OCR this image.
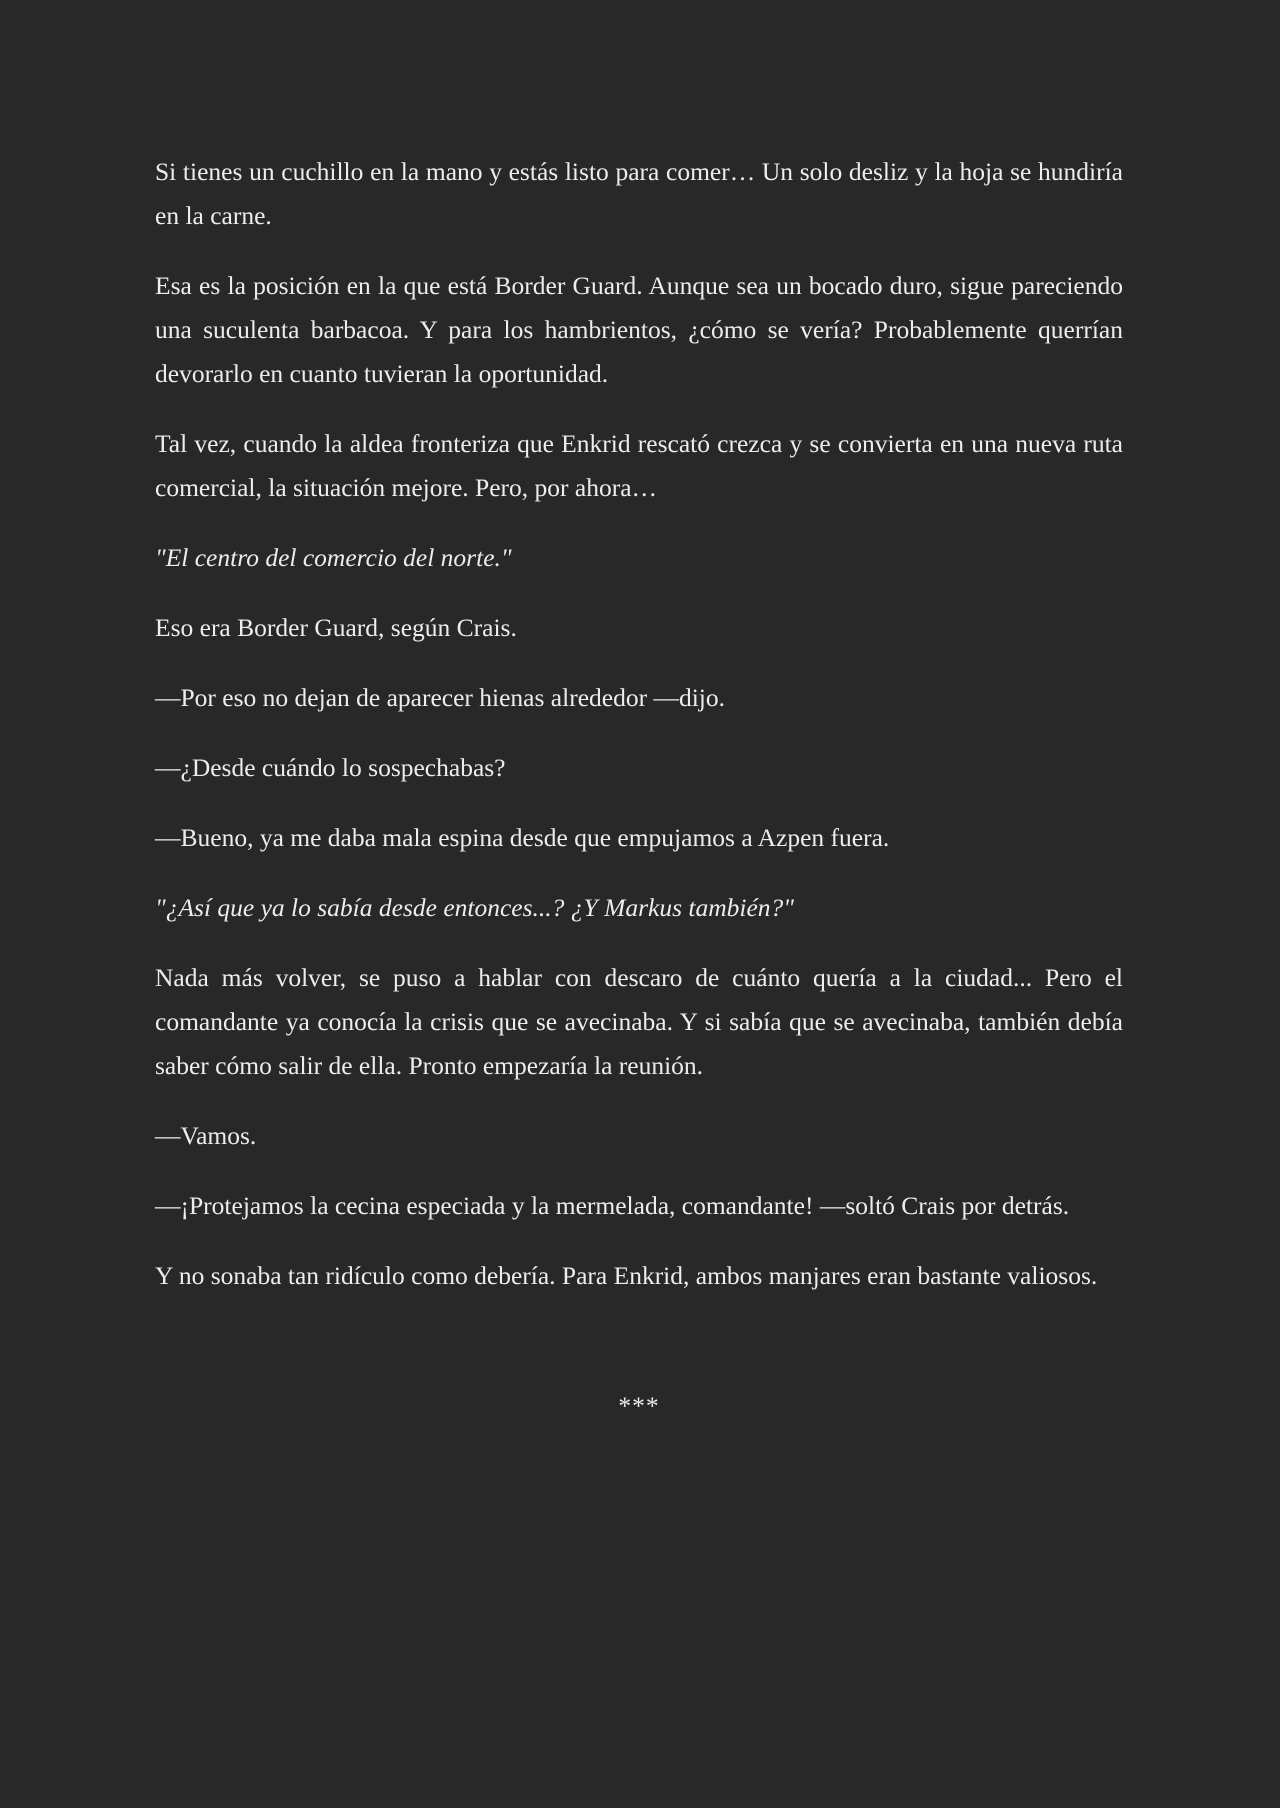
Si tienes un cuchillo en la mano y estás listo para comer… Un solo desliz y la hoja se hundiría en la carne.

Esa es la posición en la que está Border Guard. Aunque sea un bocado duro, sigue pareciendo una suculenta barbacoa. Y para los hambrientos, ¿cómo se vería? Probablemente querrían devorarlo en cuanto tuvieran la oportunidad.

Tal vez, cuando la aldea fronteriza que Enkrid rescató crezca y se convierta en una nueva ruta comercial, la situación mejore. Pero, por ahora…

"El centro del comercio del norte."

Eso era Border Guard, según Crais.

—Por eso no dejan de aparecer hienas alrededor —dijo.

—¿Desde cuándo lo sospechabas?

—Bueno, ya me daba mala espina desde que empujamos a Azpen fuera.

"¿Así que ya lo sabía desde entonces...? ¿Y Markus también?"

Nada más volver, se puso a hablar con descaro de cuánto quería a la ciudad... Pero el comandante ya conocía la crisis que se avecinaba. Y si sabía que se avecinaba, también debía saber cómo salir de ella. Pronto empezaría la reunión.

—Vamos.

—¡Protejamos la cecina especiada y la mermelada, comandante! —soltó Crais por detrás.

Y no sonaba tan ridículo como debería. Para Enkrid, ambos manjares eran bastante valiosos.

***
